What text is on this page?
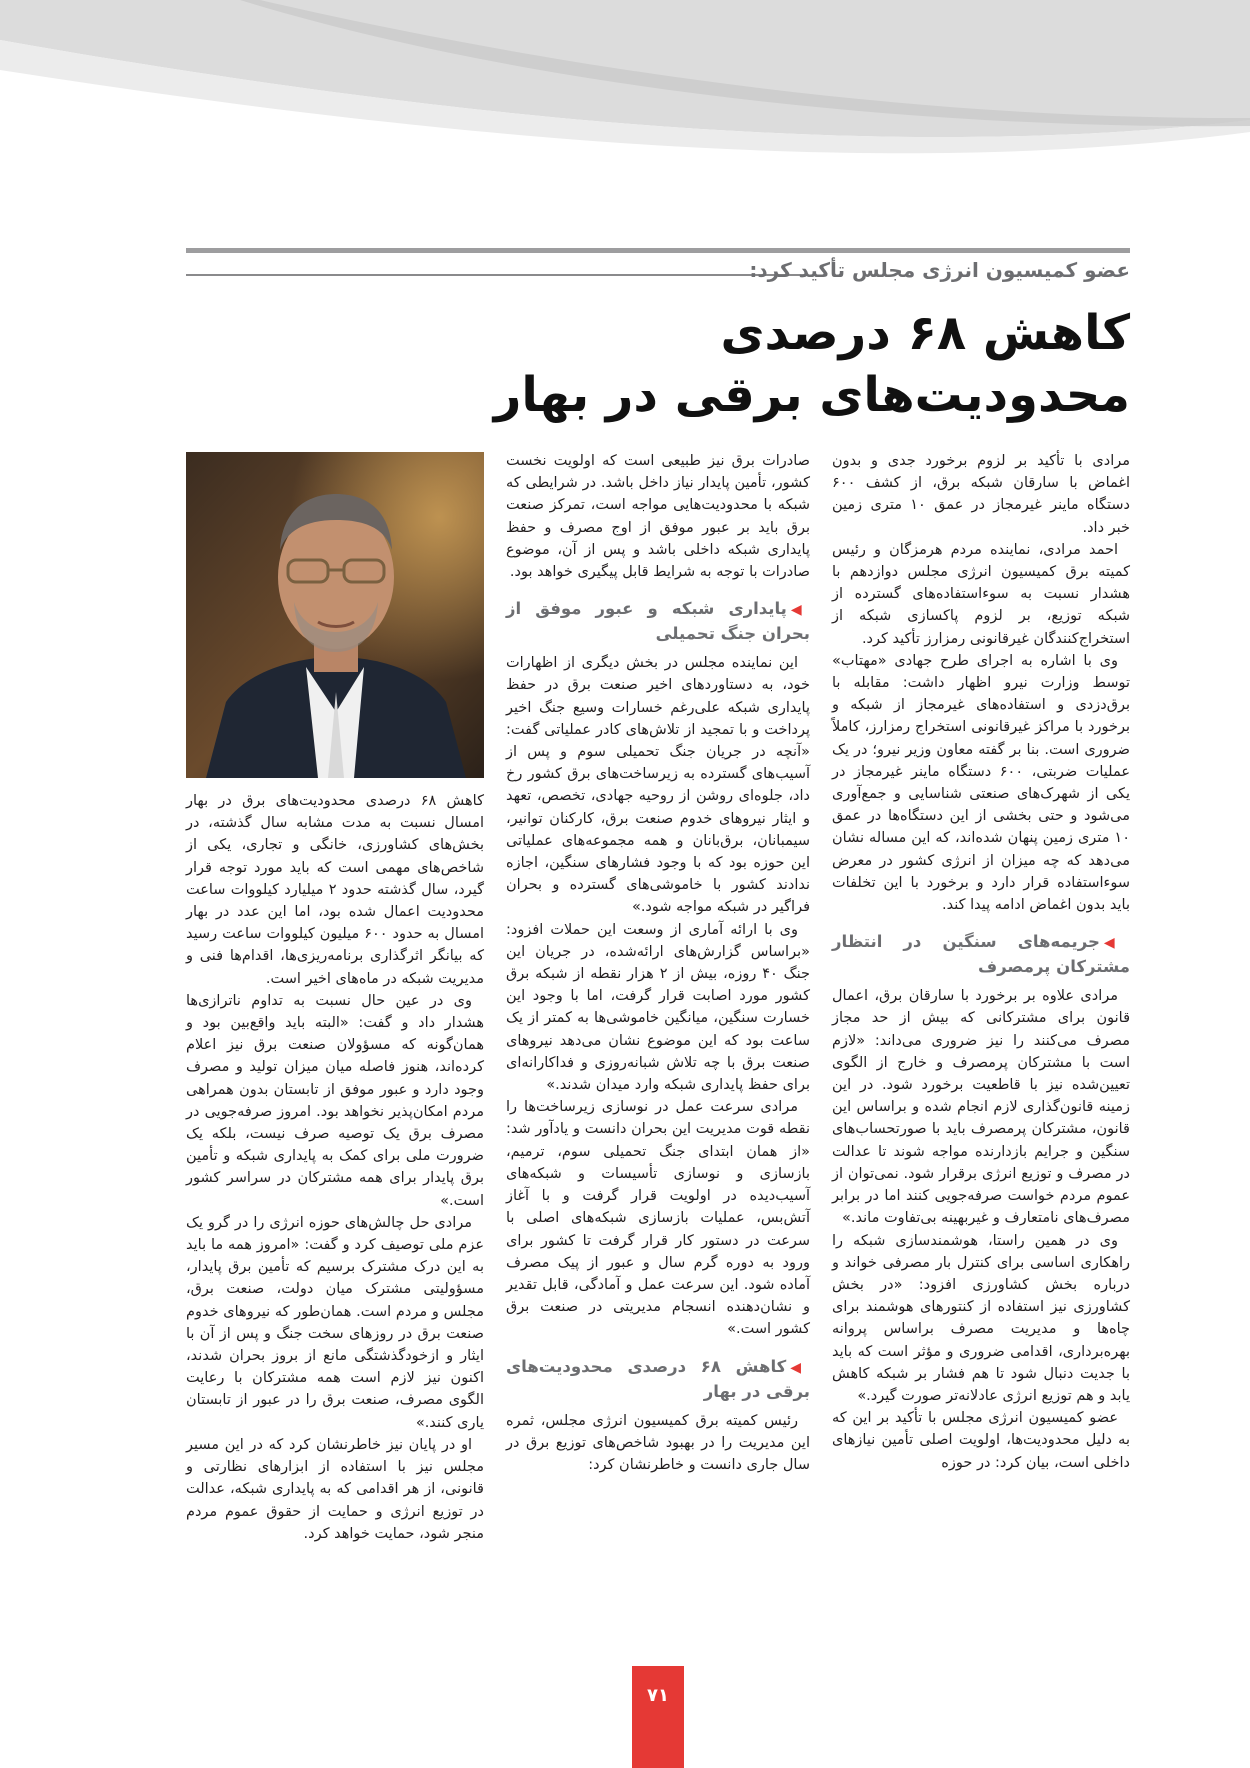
عضو کمیسیون انرژی مجلس تأکید کرد:
کاهش ۶۸ درصدی
محدودیت‌های برقی در بهار

مرادی با تأکید بر لزوم برخورد جدی و بدون اغماض با سارقان شبکه برق، از کشف ۶۰۰ دستگاه ماینر غیرمجاز در عمق ۱۰ متری زمین خبر داد.

احمد مرادی، نماینده مردم هرمزگان و رئیس کمیته برق کمیسیون انرژی مجلس دوازدهم با هشدار نسبت به سوءاستفاده‌های گسترده از شبکه توزیع، بر لزوم پاکسازی شبکه از استخراج‌کنندگان غیرقانونی رمزارز تأکید کرد.

وی با اشاره به اجرای طرح جهادی «مهتاب» توسط وزارت نیرو اظهار داشت: مقابله با برق‌دزدی و استفاده‌های غیرمجاز از شبکه و برخورد با مراکز غیرقانونی استخراج رمزارز، کاملاً ضروری است. بنا بر گفته معاون وزیر نیرو؛ در یک عملیات ضربتی، ۶۰۰ دستگاه ماینر غیرمجاز در یکی از شهرک‌های صنعتی شناسایی و جمع‌آوری می‌شود و حتی بخشی از این دستگاه‌ها در عمق ۱۰ متری زمین پنهان شده‌اند، که این مساله نشان می‌دهد که چه میزان از انرژی کشور در معرض سوءاستفاده قرار دارد و برخورد با این تخلفات باید بدون اغماض ادامه پیدا کند.

◀جریمه‌های سنگین در انتظار مشترکان پرمصرف

مرادی علاوه بر برخورد با سارقان برق، اعمال قانون برای مشترکانی که بیش از حد مجاز مصرف می‌کنند را نیز ضروری می‌داند: «لازم است با مشترکان پرمصرف و خارج از الگوی تعیین‌شده نیز با قاطعیت برخورد شود. در این زمینه قانون‌گذاری لازم انجام شده و براساس این قانون، مشترکان پرمصرف باید با صورتحساب‌های سنگین و جرایم بازدارنده مواجه شوند تا عدالت در مصرف و توزیع انرژی برقرار شود. نمی‌توان از عموم مردم خواست صرفه‌جویی کنند اما در برابر مصرف‌های نامتعارف و غیربهینه بی‌تفاوت ماند.»

وی در همین راستا، هوشمندسازی شبکه را راهکاری اساسی برای کنترل بار مصرفی خواند و درباره بخش کشاورزی افزود: «در بخش کشاورزی نیز استفاده از کنتورهای هوشمند برای چاه‌ها و مدیریت مصرف براساس پروانه بهره‌برداری، اقدامی ضروری و مؤثر است که باید با جدیت دنبال شود تا هم فشار بر شبکه کاهش یابد و هم توزیع انرژی عادلانه‌تر صورت گیرد.»

عضو کمیسیون انرژی مجلس با تأکید بر این که به دلیل محدودیت‌ها، اولویت اصلی تأمین نیازهای داخلی است، بیان کرد: در حوزه

صادرات برق نیز طبیعی است که اولویت نخست کشور، تأمین پایدار نیاز داخل باشد. در شرایطی که شبکه با محدودیت‌هایی مواجه است، تمرکز صنعت برق باید بر عبور موفق از اوج مصرف و حفظ پایداری شبکه داخلی باشد و پس از آن، موضوع صادرات با توجه به شرایط قابل پیگیری خواهد بود.

◀پایداری شبکه و عبور موفق از بحران جنگ تحمیلی

این نماینده مجلس در بخش دیگری از اظهارات خود، به دستاوردهای اخیر صنعت برق در حفظ پایداری شبکه علی‌رغم خسارات وسیع جنگ اخیر پرداخت و با تمجید از تلاش‌های کادر عملیاتی گفت: «آنچه در جریان جنگ تحمیلی سوم و پس از آسیب‌های گسترده به زیرساخت‌های برق کشور رخ داد، جلوه‌ای روشن از روحیه جهادی، تخصص، تعهد و ایثار نیروهای خدوم صنعت برق، کارکنان توانیر، سیمبانان، برق‌بانان و همه مجموعه‌های عملیاتی این حوزه بود که با وجود فشارهای سنگین، اجازه ندادند کشور با خاموشی‌های گسترده و بحران فراگیر در شبکه مواجه شود.»

وی با ارائه آماری از وسعت این حملات افزود: «براساس گزارش‌های ارائه‌شده، در جریان این جنگ ۴۰ روزه، بیش از ۲ هزار نقطه از شبکه برق کشور مورد اصابت قرار گرفت، اما با وجود این خسارت سنگین، میانگین خاموشی‌ها به کمتر از یک ساعت بود که این موضوع نشان می‌دهد نیروهای صنعت برق با چه تلاش شبانه‌روزی و فداکارانه‌ای برای حفظ پایداری شبکه وارد میدان شدند.»

مرادی سرعت عمل در نوسازی زیرساخت‌ها را نقطه قوت مدیریت این بحران دانست و یادآور شد: «از همان ابتدای جنگ تحمیلی سوم، ترمیم، بازسازی و نوسازی تأسیسات و شبکه‌های آسیب‌دیده در اولویت قرار گرفت و با آغاز آتش‌بس، عملیات بازسازی شبکه‌های اصلی با سرعت در دستور کار قرار گرفت تا کشور برای ورود به دوره گرم سال و عبور از پیک مصرف آماده شود. این سرعت عمل و آمادگی، قابل تقدیر و نشان‌دهنده انسجام مدیریتی در صنعت برق کشور است.»

◀کاهش ۶۸ درصدی محدودیت‌های برقی در بهار

رئیس کمیته برق کمیسیون انرژی مجلس، ثمره این مدیریت را در بهبود شاخص‌های توزیع برق در سال جاری دانست و خاطرنشان کرد:

کاهش ۶۸ درصدی محدودیت‌های برق در بهار امسال نسبت به مدت مشابه سال گذشته، در بخش‌های کشاورزی، خانگی و تجاری، یکی از شاخص‌های مهمی است که باید مورد توجه قرار گیرد، سال گذشته حدود ۲ میلیارد کیلووات ساعت محدودیت اعمال شده بود، اما این عدد در بهار امسال به حدود ۶۰۰ میلیون کیلووات ساعت رسید که بیانگر اثرگذاری برنامه‌ریزی‌ها، اقدام‌ها فنی و مدیریت شبکه در ماه‌های اخیر است.

وی در عین حال نسبت به تداوم ناترازی‌ها هشدار داد و گفت: «البته باید واقع‌بین بود و همان‌گونه که مسؤولان صنعت برق نیز اعلام کرده‌اند، هنوز فاصله میان میزان تولید و مصرف وجود دارد و عبور موفق از تابستان بدون همراهی مردم امکان‌پذیر نخواهد بود. امروز صرفه‌جویی در مصرف برق یک توصیه صرف نیست، بلکه یک ضرورت ملی برای کمک به پایداری شبکه و تأمین برق پایدار برای همه مشترکان در سراسر کشور است.»

مرادی حل چالش‌های حوزه انرژی را در گرو یک عزم ملی توصیف کرد و گفت: «امروز همه ما باید به این درک مشترک برسیم که تأمین برق پایدار، مسؤولیتی مشترک میان دولت، صنعت برق، مجلس و مردم است. همان‌طور که نیروهای خدوم صنعت برق در روزهای سخت جنگ و پس از آن با ایثار و ازخودگذشتگی مانع از بروز بحران شدند، اکنون نیز لازم است همه مشترکان با رعایت الگوی مصرف، صنعت برق را در عبور از تابستان یاری کنند.»

او در پایان نیز خاطرنشان کرد که در این مسیر مجلس نیز با استفاده از ابزارهای نظارتی و قانونی، از هر اقدامی که به پایداری شبکه، عدالت در توزیع انرژی و حمایت از حقوق عموم مردم منجر شود، حمایت خواهد کرد.

۷۱
